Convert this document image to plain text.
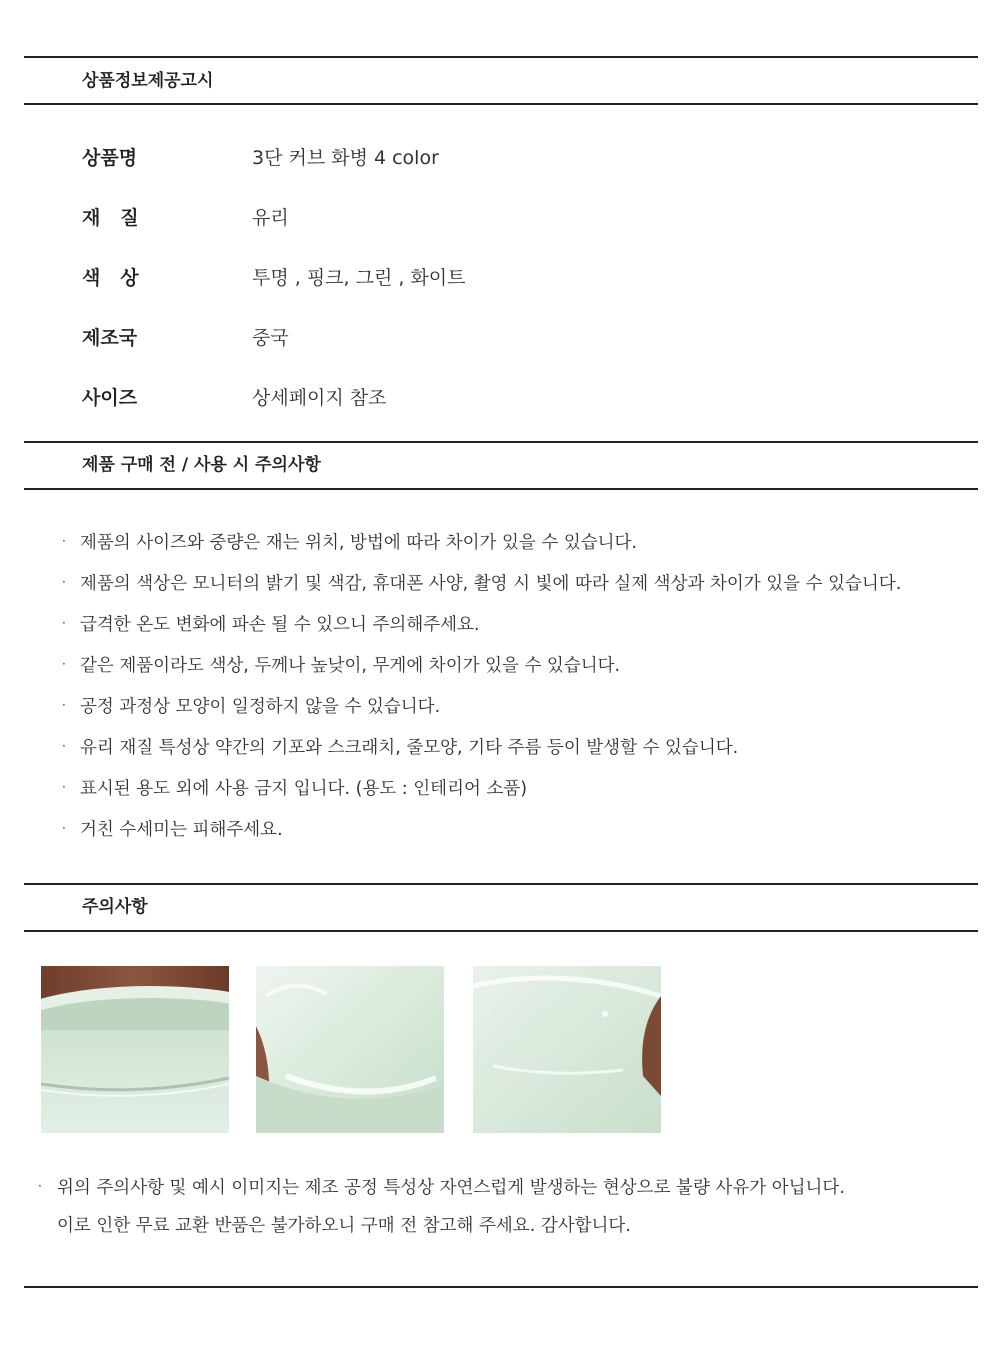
상품정보제공고시
상품명	3단 커브 화병 4 color
재   질	유리
색   상	투명 , 핑크, 그린 , 화이트
제조국	중국
사이즈	상세페이지 참조
제품 구매 전 / 사용 시 주의사항
· 제품의 사이즈와 중량은 재는 위치, 방법에 따라 차이가 있을 수 있습니다.
· 제품의 색상은 모니터의 밝기 및 색감, 휴대폰 사양, 촬영 시 빛에 따라 실제 색상과 차이가 있을 수 있습니다.
· 급격한 온도 변화에 파손 될 수 있으니 주의해주세요.
· 같은 제품이라도 색상, 두께나 높낮이, 무게에 차이가 있을 수 있습니다.
· 공정 과정상 모양이 일정하지 않을 수 있습니다.
· 유리 재질 특성상 약간의 기포와 스크래치, 줄모양, 기타 주름 등이 발생할 수 있습니다.
· 표시된 용도 외에 사용 금지 입니다. (용도 : 인테리어 소품)
· 거친 수세미는 피해주세요.
주의사항
· 위의 주의사항 및 예시 이미지는 제조 공정 특성상 자연스럽게 발생하는 현상으로 불량 사유가 아닙니다.
이로 인한 무료 교환 반품은 불가하오니 구매 전 참고해 주세요. 감사합니다.
